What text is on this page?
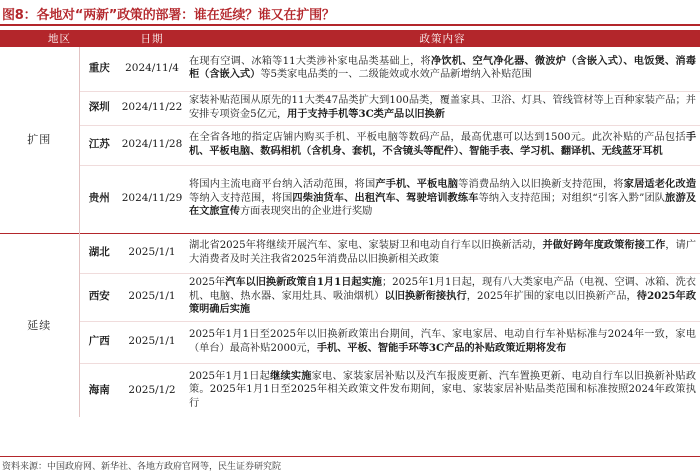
图8：各地对“两新”政策的部署：谁在延续？谁又在扩围？
地区		日期	政策内容
扩围	重庆	2024/11/4	在现有空调、冰箱等11大类涉补家电品类基础上，将净饮机、空气净化器、微波炉（含嵌入式）、电饭煲、消毒柜（含嵌入式）等5类家电品类的一、二级能效或水效产品新增纳入补贴范围
	深圳	2024/11/22	家装补贴范围从原先的11大类47品类扩大到100品类，覆盖家具、卫浴、灯具、管线管材等上百种家装产品；并安排专项资金5亿元，用于支持手机等3C类产品以旧换新
	江苏	2024/11/28	在全省各地的指定店铺内购买手机、平板电脑等数码产品，最高优惠可以达到1500元。此次补贴的产品包括手机、平板电脑、数码相机（含机身、套机，不含镜头等配件）、智能手表、学习机、翻译机、无线蓝牙耳机
	贵州	2024/11/29	将国内主流电商平台纳入活动范围，将国产手机、平板电脑等消费品纳入以旧换新支持范围，将家居适老化改造等纳入支持范围，将国四柴油货车、出租汽车、驾驶培训教练车等纳入支持范围；对组织“引客入黔”团队旅游及在文旅宣传方面表现突出的企业进行奖励
延续	湖北	2025/1/1	湖北省2025年将继续开展汽车、家电、家装厨卫和电动自行车以旧换新活动，并做好跨年度政策衔接工作，请广大消费者及时关注我省2025年消费品以旧换新相关政策
	西安	2025/1/1	2025年汽车以旧换新政策自1月1日起实施；2025年1月1日起，现有八大类家电产品（电视、空调、冰箱、洗衣机、电脑、热水器、家用灶具、吸油烟机）以旧换新衔接执行，2025年扩围的家电以旧换新产品，待2025年政策明确后实施
	广西	2025/1/1	2025年1月1日至2025年以旧换新政策出台期间，汽车、家电家居、电动自行车补贴标准与2024年一致，家电（单台）最高补贴2000元，手机、平板、智能手环等3C产品的补贴政策近期将发布
	海南	2025/1/2	2025年1月1日起继续实施家电、家装家居补贴以及汽车报废更新、汽车置换更新、电动自行车以旧换新补贴政策。2025年1月1日至2025年相关政策文件发布期间，家电、家装家居补贴品类范围和标准按照2024年政策执行
资料来源：中国政府网、新华社、各地方政府官网等，民生证券研究院
